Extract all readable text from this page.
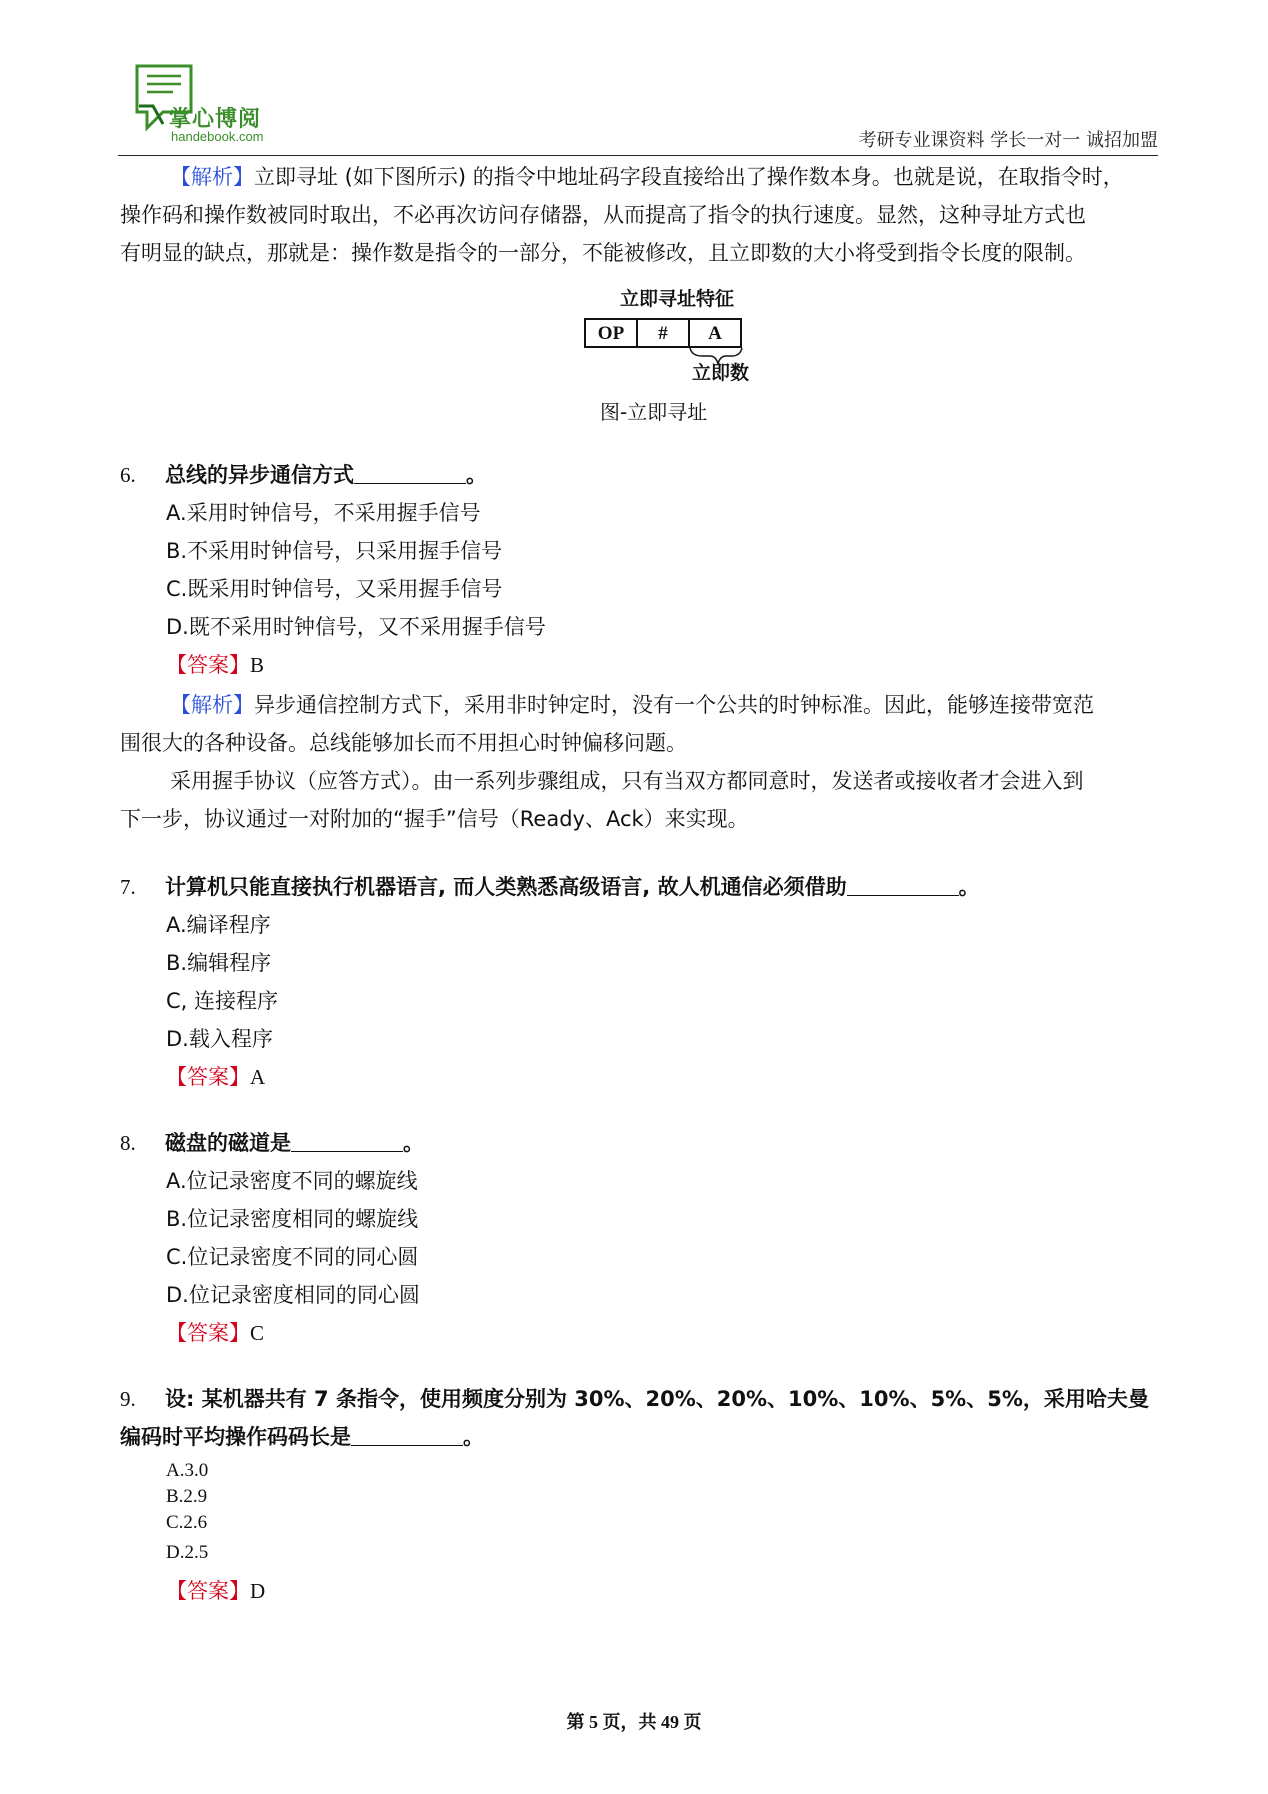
掌心博阅
handebook.com	考研专业课资料 学长一对一 诚招加盟
【解析】立即寻址 (如下图所示) 的指令中地址码字段直接给出了操作数本身。也就是说，在取指令时，
操作码和操作数被同时取出，不必再次访问存储器，从而提高了指令的执行速度。显然，这种寻址方式也
有明显的缺点，那就是：操作数是指令的一部分，不能被修改，且立即数的大小将受到指令长度的限制。
立即寻址特征
OP	#	A
立即数
图-立即寻址
6. 总线的异步通信方式	。
A.采用时钟信号，不采用握手信号
B.不采用时钟信号，只采用握手信号
C.既采用时钟信号，又采用握手信号
D.既不采用时钟信号，又不采用握手信号
【答案】B
【解析】异步通信控制方式下，采用非时钟定时，没有一个公共的时钟标准。因此，能够连接带宽范
围很大的各种设备。总线能够加长而不用担心时钟偏移问题。
采用握手协议（应答方式）。由一系列步骤组成，只有当双方都同意时，发送者或接收者才会进入到
下一步，协议通过一对附加的“握手”信号（Ready、Ack）来实现。
7. 计算机只能直接执行机器语言, 而人类熟悉高级语言, 故人机通信必须借助	。
A.编译程序
B.编辑程序
C, 连接程序
D.载入程序
【答案】A
8. 磁盘的磁道是	。
A.位记录密度不同的螺旋线
B.位记录密度相同的螺旋线
C.位记录密度不同的同心圆
D.位记录密度相同的同心圆
【答案】C
9. 设: 某机器共有 7 条指令，使用频度分别为 30%、20%、20%、10%、10%、5%、5%，采用哈夫曼
编码时平均操作码码长是	。
A.3.0
B.2.9
C.2.6
D.2.5
【答案】D
第 5 页，共 49 页
